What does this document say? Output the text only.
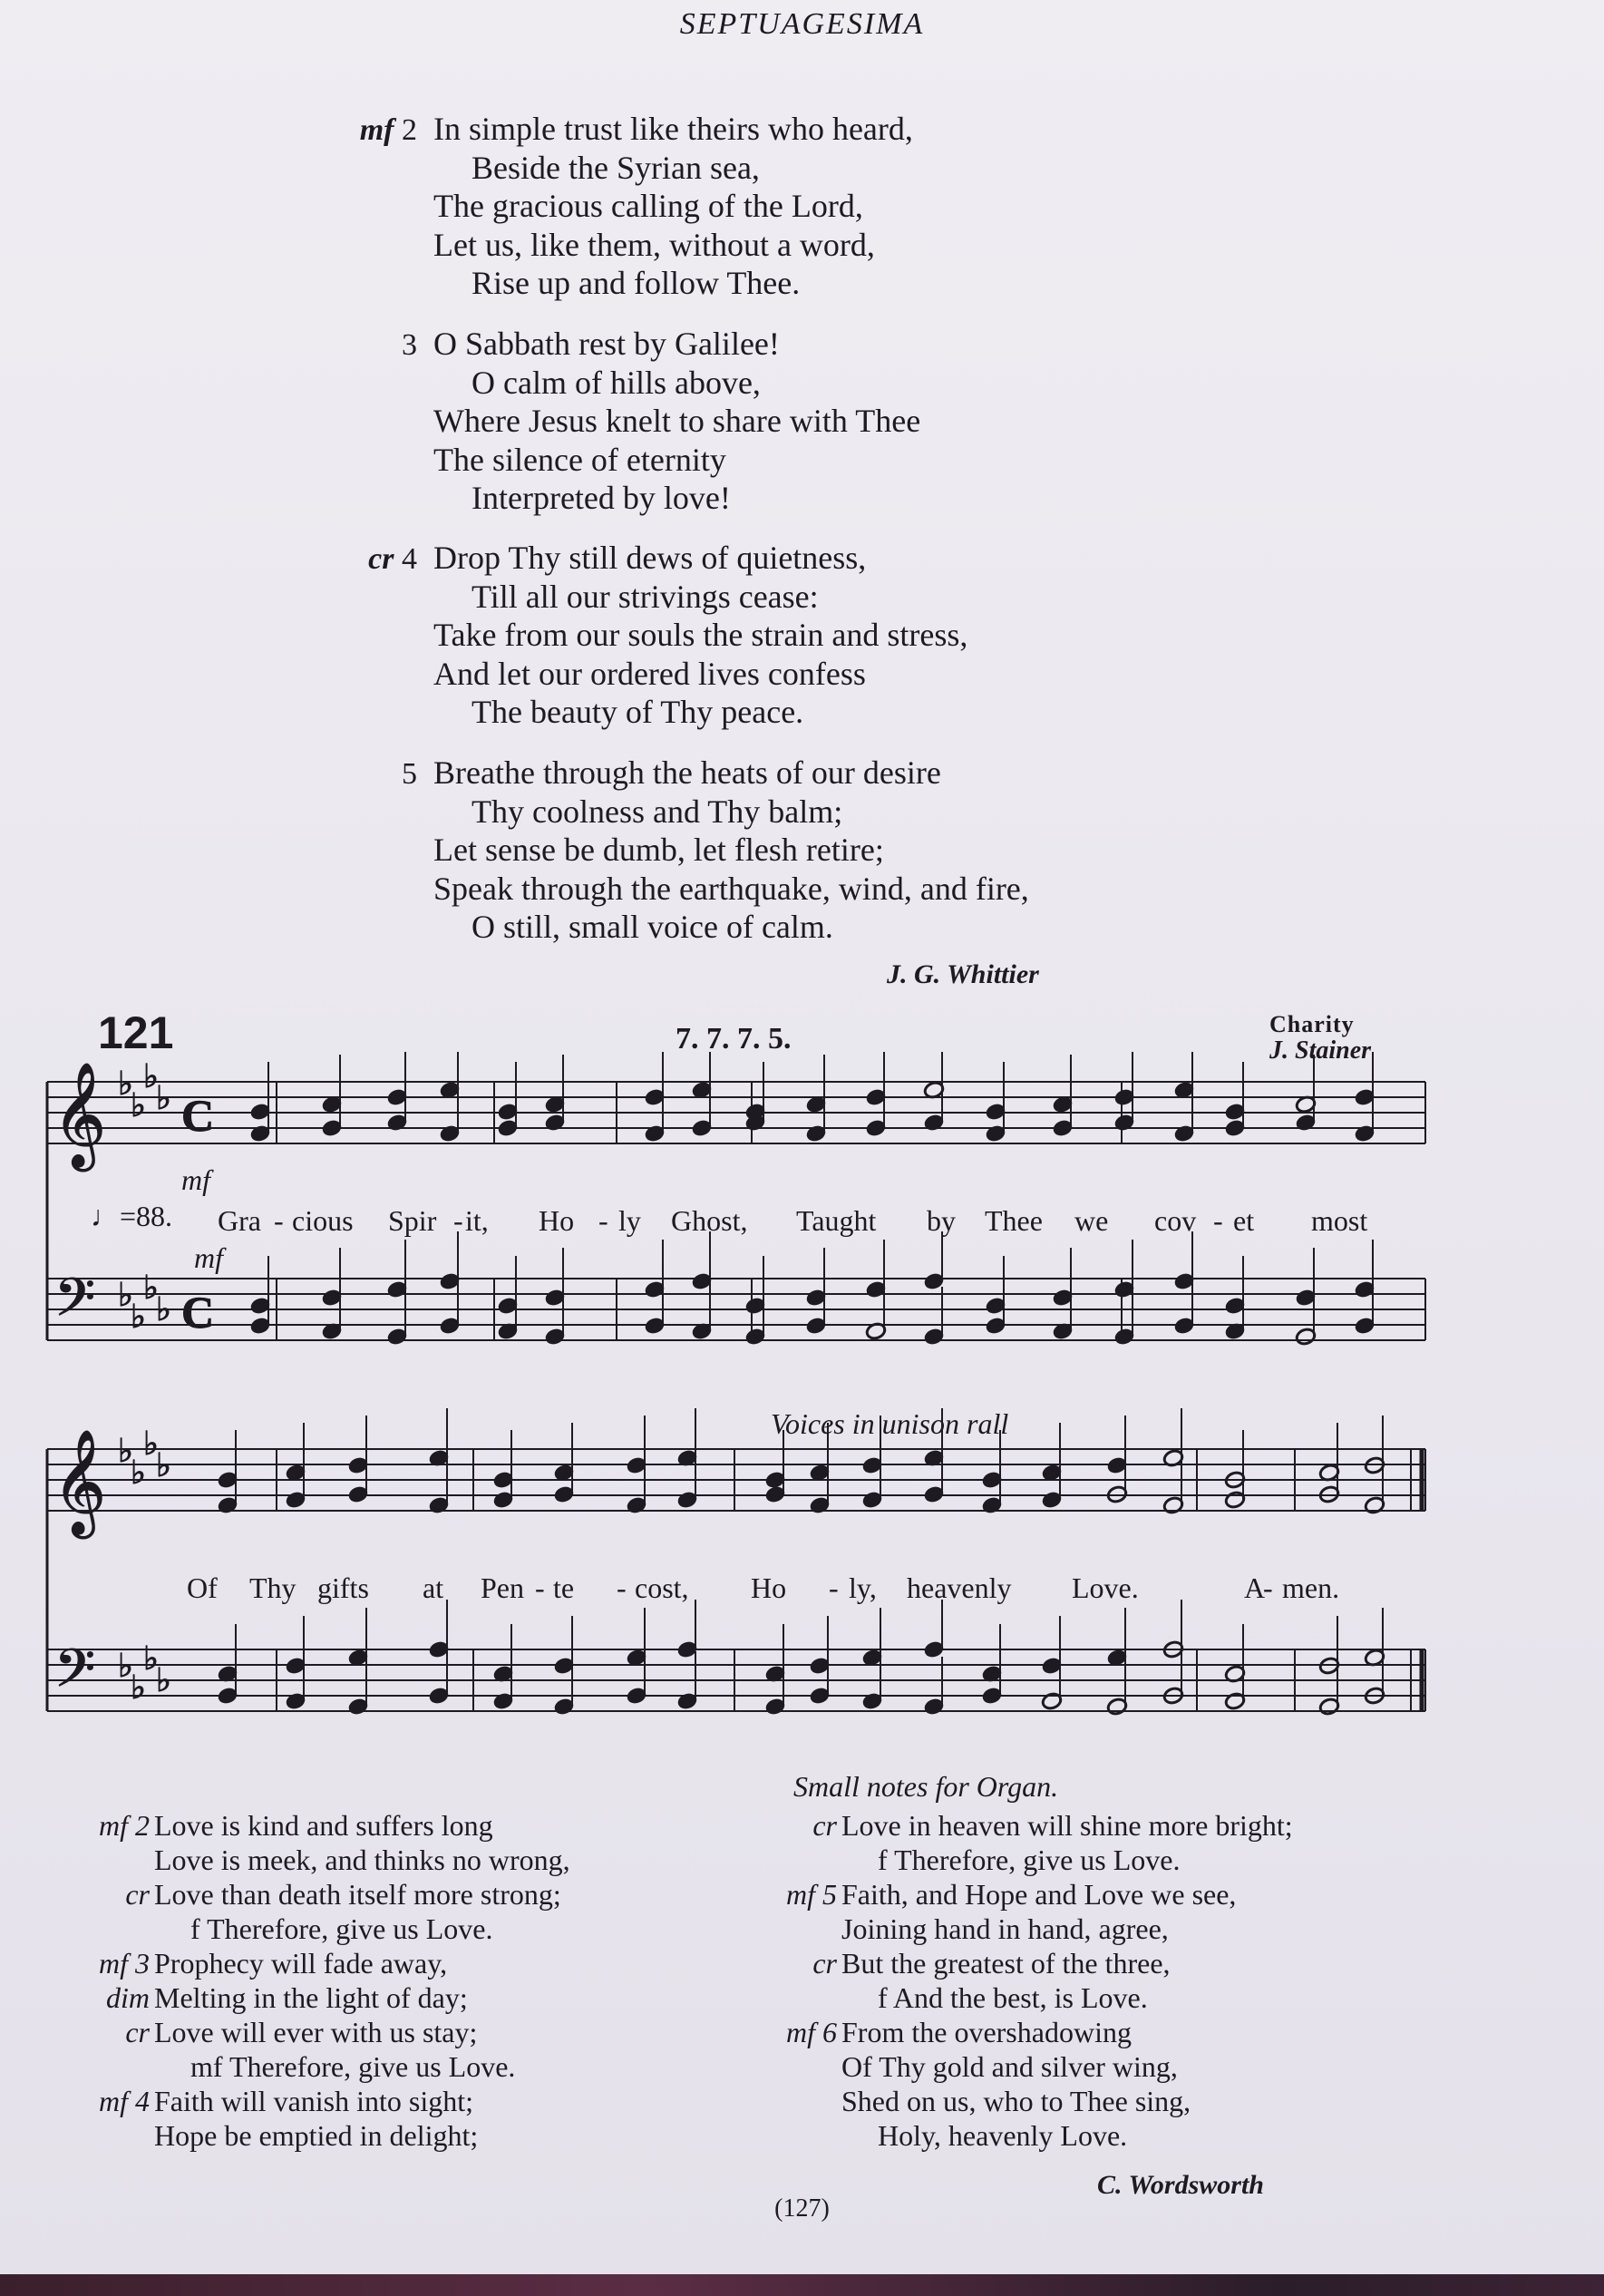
SEPTUAGESIMA
mf 2 In simple trust like theirs who heard,
Beside the Syrian sea,
The gracious calling of the Lord,
Let us, like them, without a word,
Rise up and follow Thee.
3 O Sabbath rest by Galilee!
O calm of hills above,
Where Jesus knelt to share with Thee
The silence of eternity
Interpreted by love!
cr 4 Drop Thy still dews of quietness,
Till all our strivings cease:
Take from our souls the strain and stress,
And let our ordered lives confess
The beauty of Thy peace.
5 Breathe through the heats of our desire
Thy coolness and Thy balm;
Let sense be dumb, let flesh retire;
Speak through the earthquake, wind, and fire,
O still, small voice of calm.
J. G. Whittier
121	7. 7. 7. 5.	Charity
J. Stainer
𝄞
𝄢
♭
♭
♭
♭
♭
♭
♭
♭
C
C
𝄞
𝄢
♭
♭
♭
♭
♭
♭
♭
♭
♩=88.
mf
mf
Gra - cious Spir - it, Ho - ly Ghost, Taught by Thee we cov - et most
Voices in unison rall
Of Thy gifts at Pen - te - cost, Ho - ly, heavenly Love.	A
- men.
Small notes for Organ.
mf 2 Love is kind and suffers long
Love is meek, and thinks no wrong,
cr Love than death itself more strong;
f Therefore, give us Love.
mf 3 Prophecy will fade away,
dim Melting in the light of day;
cr Love will ever with us stay;
mf Therefore, give us Love.
mf 4 Faith will vanish into sight;
Hope be emptied in delight;
cr Love in heaven will shine more bright;
f Therefore, give us Love.
mf 5 Faith, and Hope and Love we see,
Joining hand in hand, agree,
cr But the greatest of the three,
f And the best, is Love.
mf 6 From the overshadowing
Of Thy gold and silver wing,
Shed on us, who to Thee sing,
Holy, heavenly Love.
C. Wordsworth
(127)
